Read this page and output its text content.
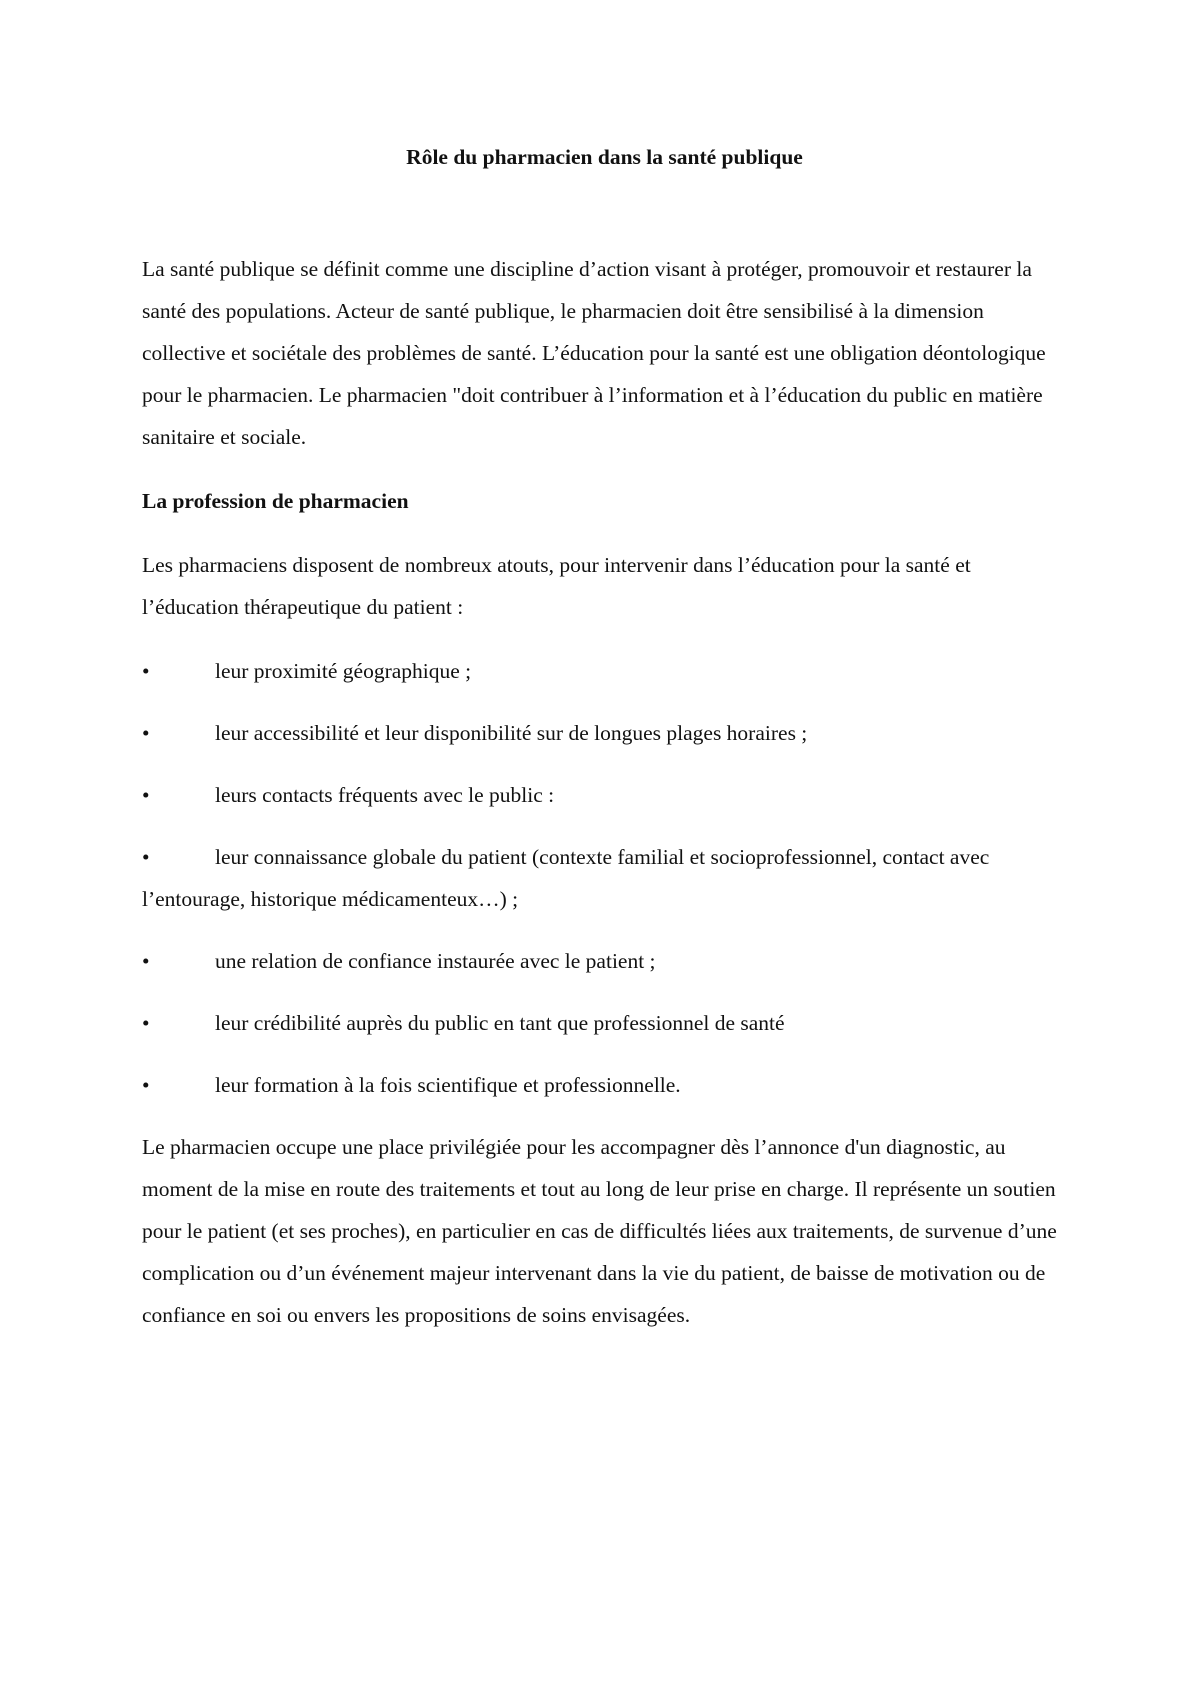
Rôle du pharmacien dans la santé publique

La santé publique se définit comme une discipline d’action visant à protéger, promouvoir et restaurer la santé des populations. Acteur de santé publique, le pharmacien doit être sensibilisé à la dimension collective et sociétale des problèmes de santé. L’éducation pour la santé est une obligation déontologique pour le pharmacien. Le pharmacien "doit contribuer à l’information et à l’éducation du public en matière sanitaire et sociale.

La profession de pharmacien

Les pharmaciens disposent de nombreux atouts, pour intervenir dans l’éducation pour la santé et l’éducation thérapeutique du patient :

•	leur proximité géographique ;
•	leur accessibilité et leur disponibilité sur de longues plages horaires ;
•	leurs contacts fréquents avec le public :
•	leur connaissance globale du patient (contexte familial et socioprofessionnel, contact avec l’entourage, historique médicamenteux…) ;
•	une relation de confiance instaurée avec le patient ;
•	leur crédibilité auprès du public en tant que professionnel de santé
•	leur formation à la fois scientifique et professionnelle.

Le pharmacien occupe une place privilégiée pour les accompagner dès l’annonce d'un diagnostic, au moment de la mise en route des traitements et tout au long de leur prise en charge. Il représente un soutien pour le patient (et ses proches), en particulier en cas de difficultés liées aux traitements, de survenue d’une complication ou d’un événement majeur intervenant dans la vie du patient, de baisse de motivation ou de confiance en soi ou envers les propositions de soins envisagées.
